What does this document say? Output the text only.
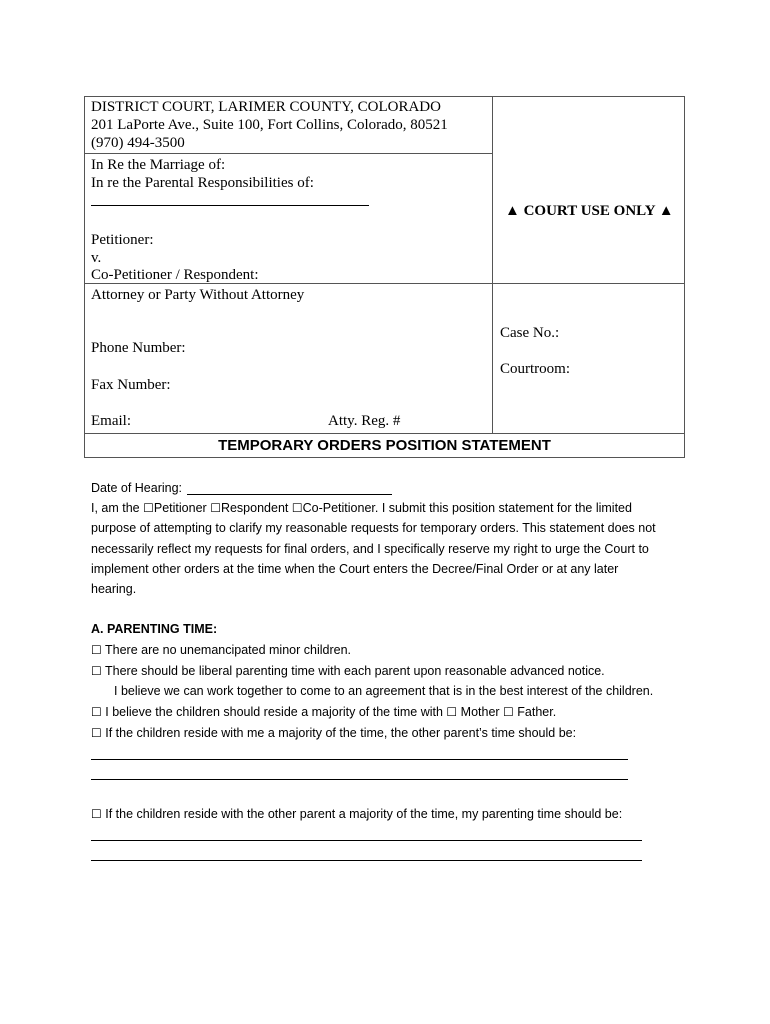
DISTRICT COURT, LARIMER COUNTY, COLORADO
201 LaPorte Ave., Suite 100, Fort Collins, Colorado, 80521
(970) 494-3500
In Re the Marriage of:
In re the Parental Responsibilities of:
Petitioner:
v.
Co-Petitioner / Respondent:
▲ COURT USE ONLY ▲
Attorney or Party Without Attorney
Phone Number:
Fax Number:
Email:	Atty. Reg. #
Case No.:
Courtroom:
TEMPORARY ORDERS POSITION STATEMENT
Date of Hearing:
I, am the ☐Petitioner ☐Respondent ☐Co-Petitioner. I submit this position statement for the limited
purpose of attempting to clarify my reasonable requests for temporary orders. This statement does not
necessarily reflect my requests for final orders, and I specifically reserve my right to urge the Court to
implement other orders at the time when the Court enters the Decree/Final Order or at any later
hearing.
A. PARENTING TIME:
☐ There are no unemancipated minor children.
☐ There should be liberal parenting time with each parent upon reasonable advanced notice.
I believe we can work together to come to an agreement that is in the best interest of the children.
☐ I believe the children should reside a majority of the time with ☐ Mother ☐ Father.
☐ If the children reside with me a majority of the time, the other parent’s time should be:
☐ If the children reside with the other parent a majority of the time, my parenting time should be:
